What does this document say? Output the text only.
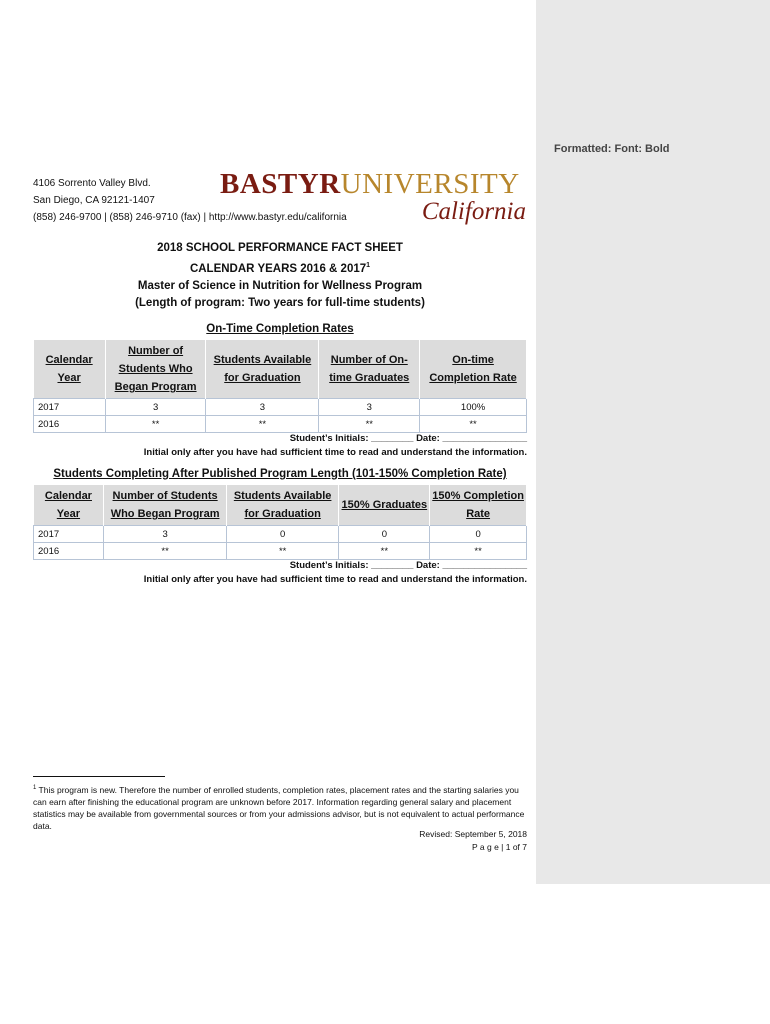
Formatted: Font: Bold
4106 Sorrento Valley Blvd.
San Diego, CA 92121-1407
(858) 246-9700 | (858) 246-9710 (fax) | http://www.bastyr.edu/california
BASTYRUNIVERSITY
California
2018 SCHOOL PERFORMANCE FACT SHEET
CALENDAR YEARS 2016 & 2017$^1$
Master of Science in Nutrition for Wellness Program
(Length of program: Two years for full-time students)
On-Time Completion Rates
Calendar Year	Number of Students Who Began Program	Students Available for Graduation	Number of On-time Graduates	On-time Completion Rate
2017	3	3	3	100%
2016	**	**	**	**
Student’s Initials: ________ Date: ________________
Initial only after you have had sufficient time to read and understand the information.
Students Completing After Published Program Length (101-150% Completion Rate)
Calendar Year	Number of Students Who Began Program	Students Available for Graduation	150% Graduates	150% Completion Rate
2017	3	0	0	0
2016	**	**	**	**
Student’s Initials: ________ Date: ________________
Initial only after you have had sufficient time to read and understand the information.
$^1$ This program is new. Therefore the number of enrolled students, completion rates, placement rates and the starting salaries you can earn after finishing the educational program are unknown before 2017. Information regarding general salary and placement statistics may be available from governmental sources or from your admissions advisor, but is not equivalent to actual performance data.
Revised: September 5, 2018
P a g e | 1 of 7
